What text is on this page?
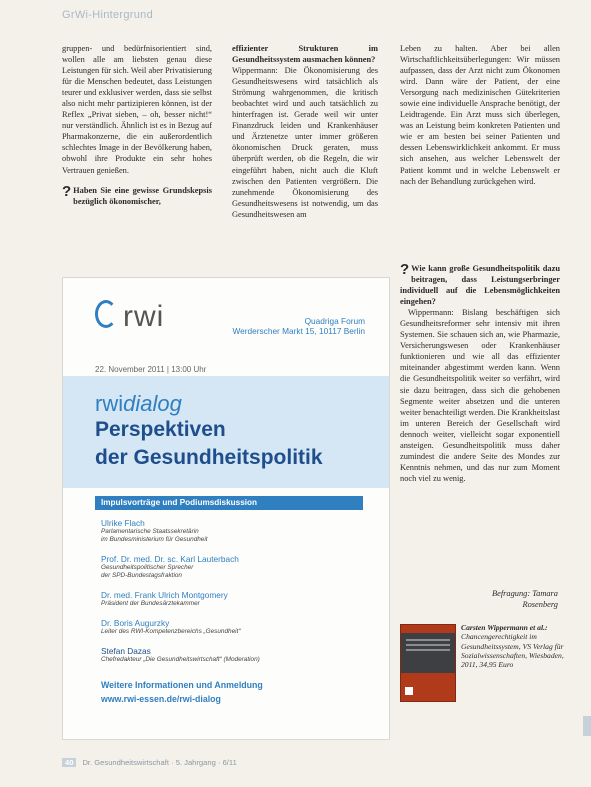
GrWi-Hintergrund

gruppen- und bedürfnisorientiert sind, wollen alle am liebsten genau diese Leistungen für sich. Weil aber Privatisierung für die Menschen bedeutet, dass Leistungen teurer und exklusiver werden, dass sie selbst also nicht mehr partizipieren können, ist der Reflex „Privat sieben, – oh, besser nicht!“ nur verständlich. Ähnlich ist es in Bezug auf Pharmakonzerne, die ein außerordentlich schlechtes Image in der Bevölkerung haben, obwohl ihre Produkte ein sehr hohes Vertrauen genießen.

? Haben Sie eine gewisse Grundskepsis bezüglich ökonomischer,

effizienter Strukturen im Gesundheitssystem ausmachen können?

Wippermann: Die Ökonomisierung des Gesundheitswesens wird tatsächlich als Strömung wahrgenommen, die kritisch beobachtet wird und auch tatsächlich zu hinterfragen ist. Gerade weil wir unter Finanzdruck leiden und Krankenhäuser und Ärztenetze unter immer größeren ökonomischen Druck geraten, muss überprüft werden, ob die Regeln, die wir eingeführt haben, nicht auch die Kluft zwischen den Patienten vergrößern. Die zunehmende Ökonomisierung des Gesundheitswesens ist notwendig, um das Gesundheitswesen am

Leben zu halten. Aber bei allen Wirtschaftlichkeitsüberlegungen: Wir müssen aufpassen, dass der Arzt nicht zum Ökonomen wird. Dann wäre der Patient, der eine Versorgung nach medizinischen Gütekriterien sowie eine individuelle Ansprache benötigt, der Leidtragende. Ein Arzt muss sich überlegen, was an Leistung beim konkreten Patienten und wie er am besten bei seiner Patienten und dessen Lebenswirklichkeit ankommt. Er muss sich ansehen, aus welcher Lebenswelt der Patient kommt und in welche Lebenswelt er nach der Behandlung zurückgehen wird.

? Wie kann große Gesundheitspolitik dazu beitragen, dass Leistungserbringer individuell auf die Lebensmöglichkeiten eingehen?

Wippermann: Bislang beschäftigen sich Gesundheitsreformer sehr intensiv mit ihren Systemen. Sie schauen sich an, wie Pharmazie, Versicherungswesen oder Krankenhäuser funktionieren und wie all das effizienter miteinander abgestimmt werden kann. Wenn die Gesundheitspolitik weiter so verfährt, wird sie dazu beitragen, dass sich die gehobenen Segmente weiter absetzen und die unteren weiter benachteiligt werden. Die Krankheitslast im unteren Bereich der Gesellschaft wird dennoch weiter, vielleicht sogar exponentiell ansteigen. Gesundheitspolitik muss daher zumindest die andere Seite des Mondes zur Kenntnis nehmen, und das nur zum Moment noch viel zu wenig.

Befragung: Tamara Rosenberg
rwi	Quadriga Forum
Werderscher Markt 15, 10117 Berlin
22. November 2011 | 13:00 Uhr
rwidialog
Perspektiven
der Gesundheitspolitik
Impulsvorträge und Podiumsdiskussion
Ulrike Flach
Parlamentarische Staatssekretärin
im Bundesministerium für Gesundheit
Prof. Dr. med. Dr. sc. Karl Lauterbach
Gesundheitspolitischer Sprecher
der SPD-Bundestagsfraktion
Dr. med. Frank Ulrich Montgomery
Präsident der Bundesärztekammer
Dr. Boris Augurzky
Leiter des RWI-Kompetenzbereichs „Gesundheit“
Stefan Dazas
Chefredakteur „Die Gesundheitswirtschaft“ (Moderation)
Weitere Informationen und Anmeldung
www.rwi-essen.de/rwi-dialog
Carsten Wippermann et al.:
Chancengerechtigkeit im Gesundheitssystem, VS Verlag für Sozialwissenschaften, Wiesbaden, 2011, 34,95 Euro
40 Dr. Gesundheitswirtschaft · 5. Jahrgang · 6/11
